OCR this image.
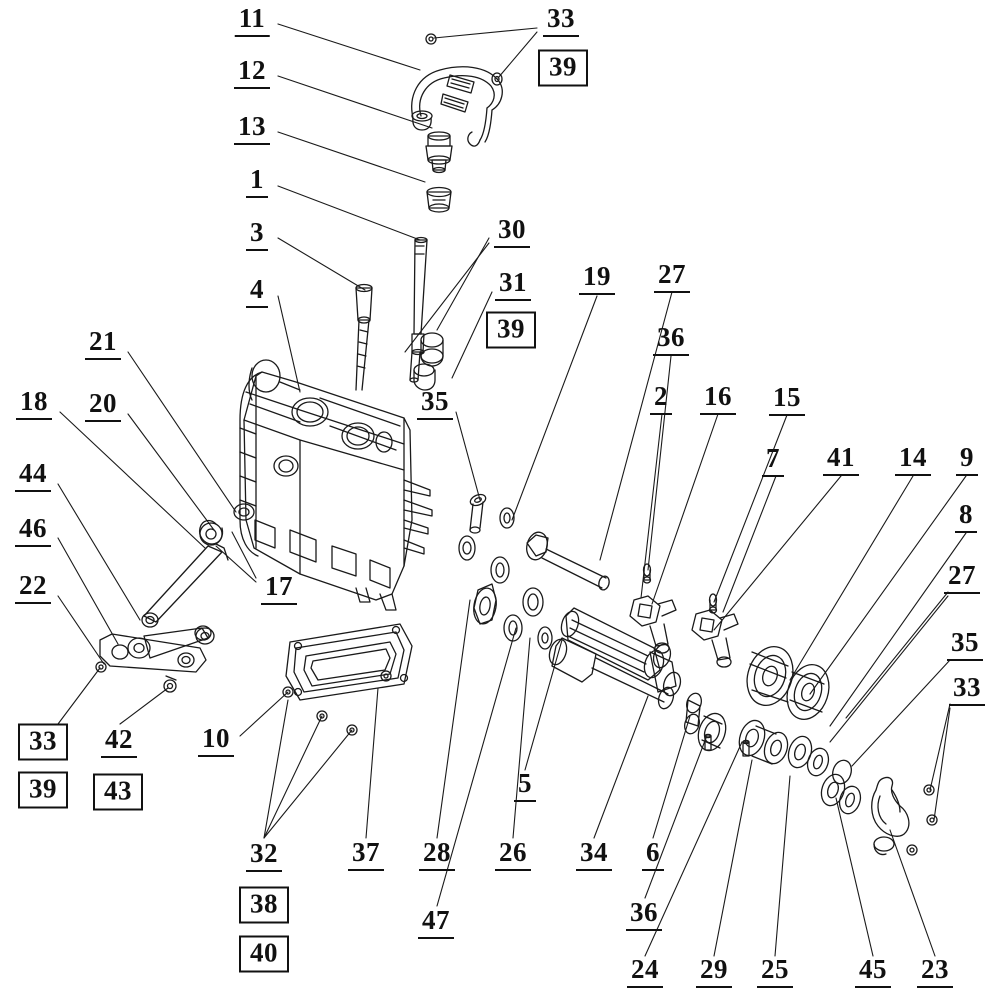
11	33
12	39
13
1
30
3
31 19 27
4
39	36
21
35	2 16 15
18 20
7 41 14 9
44
8
46
17	27
22
35
33
10
33	42
5
39	43
32	37 28 26 34 6
38
47	36
40
24 29 25	45 23
